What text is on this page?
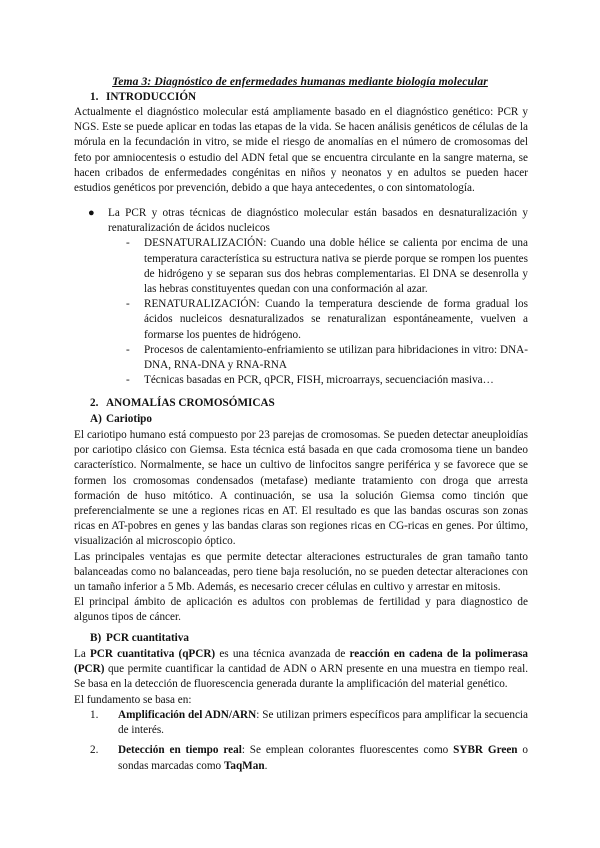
Tema 3: Diagnóstico de enfermedades humanas mediante biología molecular
1. INTRODUCCIÓN

Actualmente el diagnóstico molecular está ampliamente basado en el diagnóstico genético: PCR y NGS. Este se puede aplicar en todas las etapas de la vida. Se hacen análisis genéticos de células de la mórula en la fecundación in vitro, se mide el riesgo de anomalías en el número de cromosomas del feto por amniocentesis o estudio del ADN fetal que se encuentra circulante en la sangre materna, se hacen cribados de enfermedades congénitas en niños y neonatos y en adultos se pueden hacer estudios genéticos por prevención, debido a que haya antecedentes, o con sintomatología.

● La PCR y otras técnicas de diagnóstico molecular están basados en desnaturalización y renaturalización de ácidos nucleicos
- DESNATURALIZACIÓN: Cuando una doble hélice se calienta por encima de una temperatura característica su estructura nativa se pierde porque se rompen los puentes de hidrógeno y se separan sus dos hebras complementarias. El DNA se desenrolla y las hebras constituyentes quedan con una conformación al azar.
- RENATURALIZACIÓN: Cuando la temperatura desciende de forma gradual los ácidos nucleicos desnaturalizados se renaturalizan espontáneamente, vuelven a formarse los puentes de hidrógeno.
- Procesos de calentamiento-enfriamiento se utilizan para hibridaciones in vitro: DNA-DNA, RNA-DNA y RNA-RNA
- Técnicas basadas en PCR, qPCR, FISH, microarrays, secuenciación masiva…
2. ANOMALÍAS CROMOSÓMICAS
A) Cariotipo

El cariotipo humano está compuesto por 23 parejas de cromosomas. Se pueden detectar aneuploidías por cariotipo clásico con Giemsa. Esta técnica está basada en que cada cromosoma tiene un bandeo característico. Normalmente, se hace un cultivo de linfocitos sangre periférica y se favorece que se formen los cromosomas condensados (metafase) mediante tratamiento con droga que arresta formación de huso mitótico. A continuación, se usa la solución Giemsa como tinción que preferencialmente se une a regiones ricas en AT. El resultado es que las bandas oscuras son zonas ricas en AT-pobres en genes y las bandas claras son regiones ricas en CG-ricas en genes. Por último, visualización al microscopio óptico.

Las principales ventajas es que permite detectar alteraciones estructurales de gran tamaño tanto balanceadas como no balanceadas, pero tiene baja resolución, no se pueden detectar alteraciones con un tamaño inferior a 5 Mb. Además, es necesario crecer células en cultivo y arrestar en mitosis.

El principal ámbito de aplicación es adultos con problemas de fertilidad y para diagnostico de algunos tipos de cáncer.

B) PCR cuantitativa

La PCR cuantitativa (qPCR) es una técnica avanzada de reacción en cadena de la polimerasa (PCR) que permite cuantificar la cantidad de ADN o ARN presente en una muestra en tiempo real. Se basa en la detección de fluorescencia generada durante la amplificación del material genético.

El fundamento se basa en:

1. Amplificación del ADN/ARN: Se utilizan primers específicos para amplificar la secuencia de interés.
2. Detección en tiempo real: Se emplean colorantes fluorescentes como SYBR Green o sondas marcadas como TaqMan.
